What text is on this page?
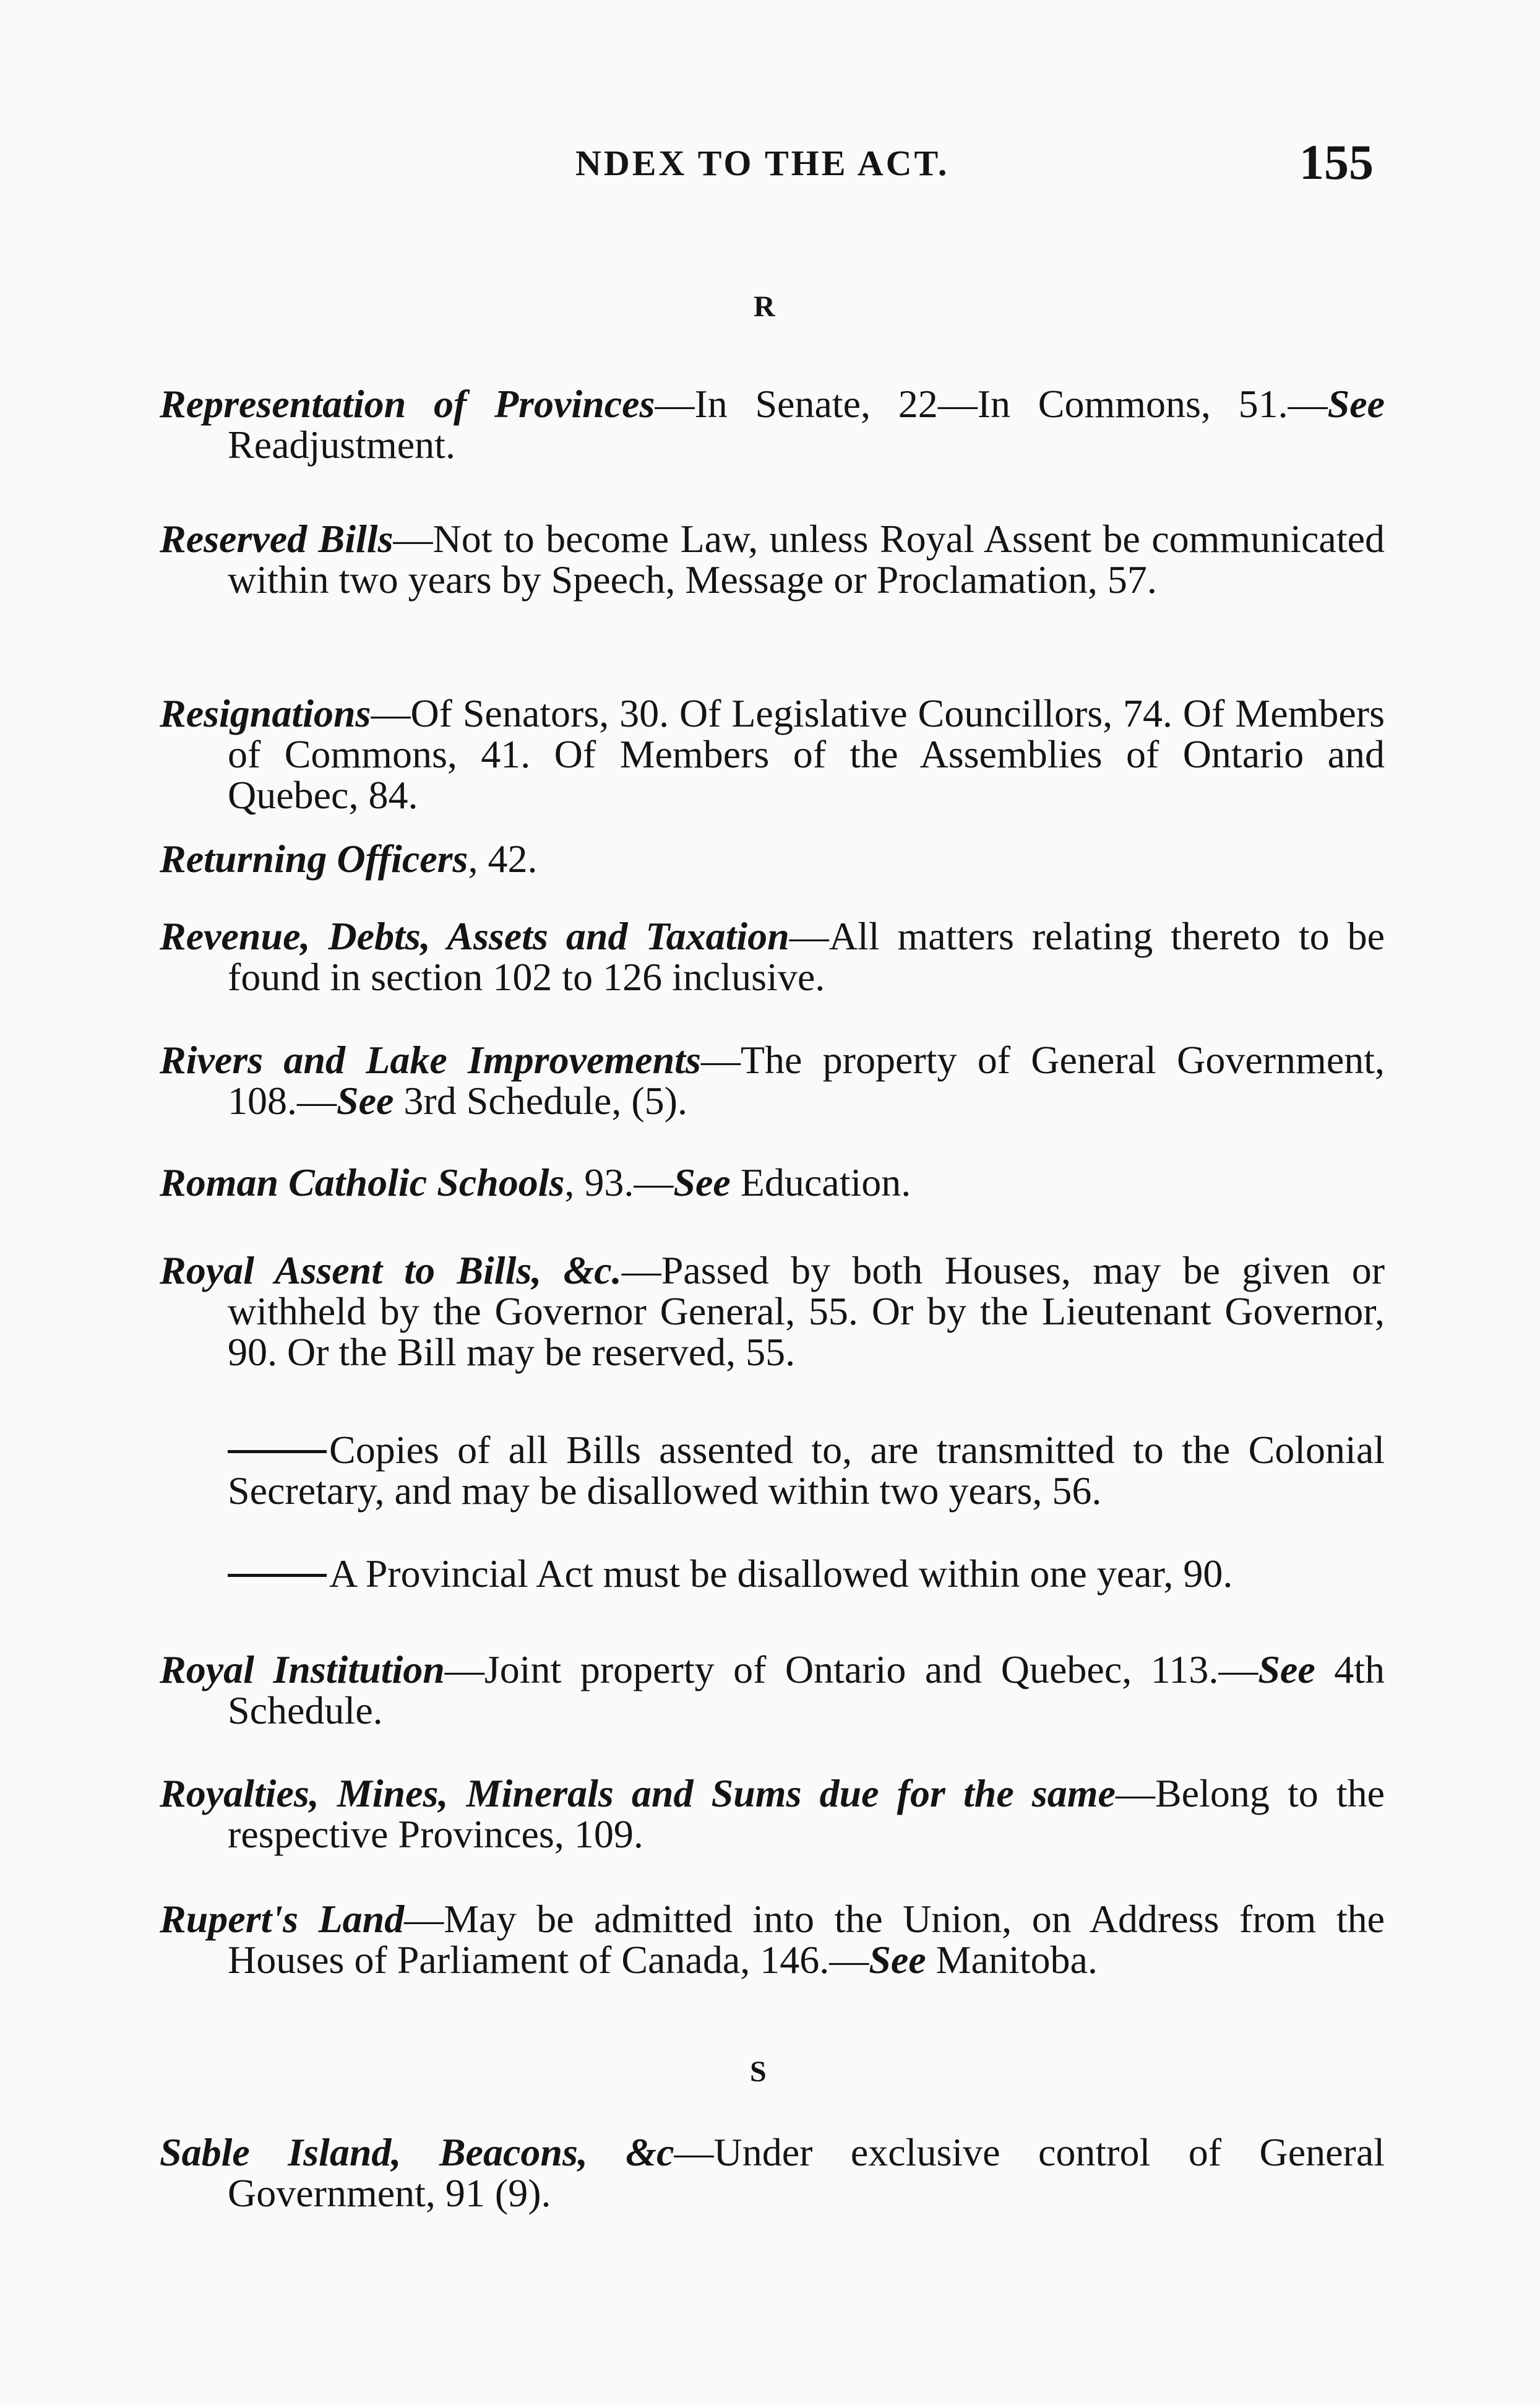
NDEX TO THE ACT.	155
R

Representation of Provinces—In Senate, 22—In Commons, 51.—See Readjustment.

Reserved Bills—Not to become Law, unless Royal Assent be communicated within two years by Speech, Message or Proclamation, 57.

Resignations—Of Senators, 30. Of Legislative Councillors, 74. Of Members of Commons, 41. Of Members of the Assemblies of Ontario and Quebec, 84.

Returning Officers, 42.

Revenue, Debts, Assets and Taxation—All matters relating thereto to be found in section 102 to 126 inclusive.

Rivers and Lake Improvements—The property of General Government, 108.—See 3rd Schedule, (5).

Roman Catholic Schools, 93.—See Education.

Royal Assent to Bills, &c.—Passed by both Houses, may be given or withheld by the Governor General, 55. Or by the Lieutenant Governor, 90. Or the Bill may be reserved, 55.

Copies of all Bills assented to, are transmitted to the Colonial Secretary, and may be disallowed within two years, 56.

A Provincial Act must be disallowed within one year, 90.

Royal Institution—Joint property of Ontario and Quebec, 113.—See 4th Schedule.

Royalties, Mines, Minerals and Sums due for the same—Belong to the respective Provinces, 109.

Rupert's Land—May be admitted into the Union, on Address from the Houses of Parliament of Canada, 146.—See Manitoba.

S

Sable Island, Beacons, &c—Under exclusive control of General Government, 91 (9).
